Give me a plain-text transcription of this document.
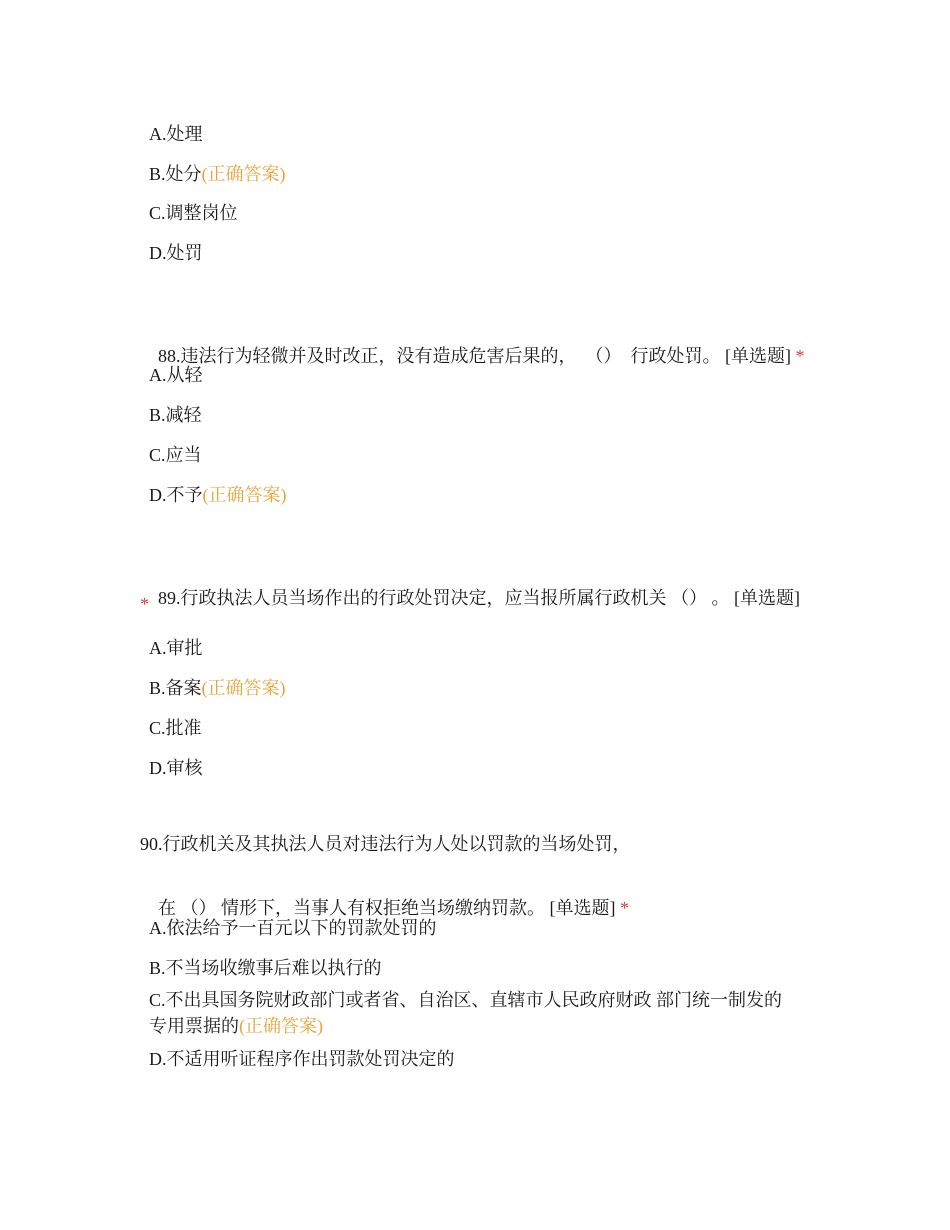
A.处理
B.处分(正确答案)
C.调整岗位
D.处罚

88.违法行为轻微并及时改正，没有造成危害后果的，  （）  行政处罚。 [单选题] *

A.从轻
B.减轻
C.应当
D.不予(正确答案)

89.行政执法人员当场作出的行政处罚决定，应当报所属行政机关 （） 。 [单选题]

*
A.审批
B.备案(正确答案)
C.批准
D.审核
90.行政机关及其执法人员对违法行为人处以罚款的当场处罚，

在 （） 情形下，当事人有权拒绝当场缴纳罚款。 [单选题] *

A.依法给予一百元以下的罚款处罚的
B.不当场收缴事后难以执行的
C.不出具国务院财政部门或者省、自治区、直辖市人民政府财政 部门统一制发的专用票据的(正确答案)
D.不适用听证程序作出罚款处罚决定的
